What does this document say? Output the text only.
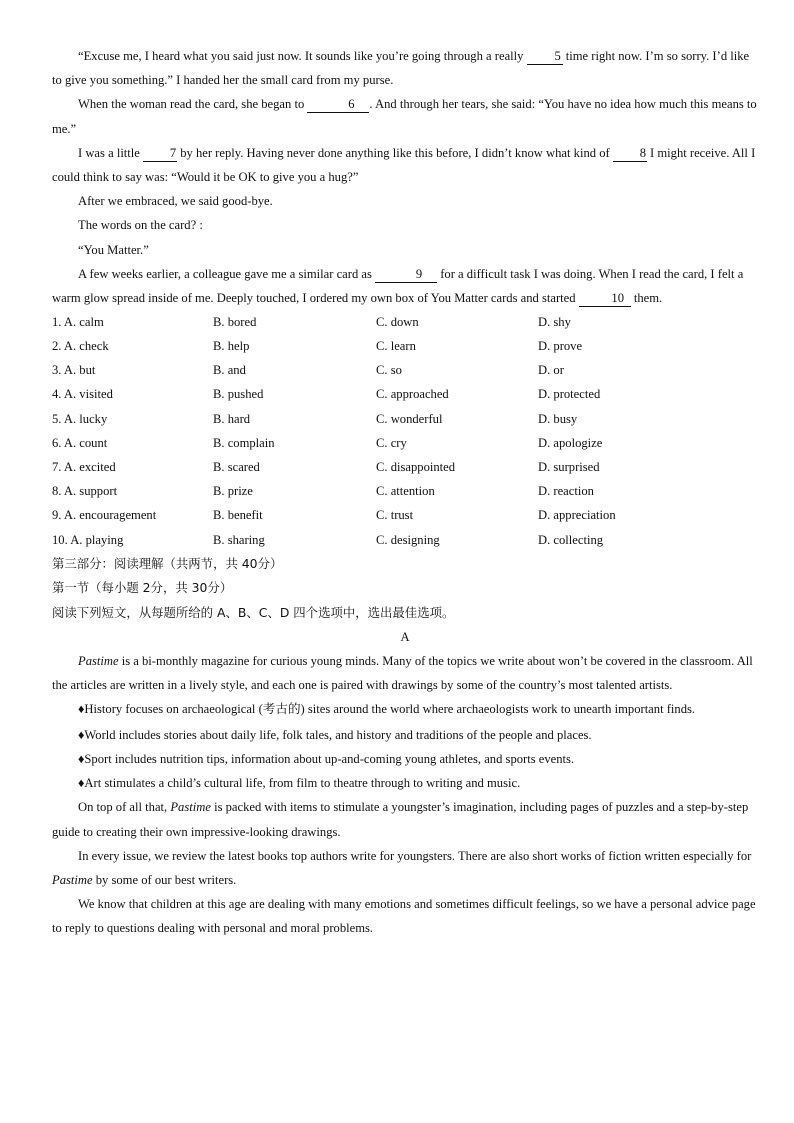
“Excuse me, I heard what you said just now. It sounds like you’re going through a really 5 time right now. I’m so sorry. I’d like to give you something.” I handed her the small card from my purse.

When the woman read the card, she began to	6 . And through her tears, she said: “You have no idea how much this means to me.”

I was a little 7 by her reply. Having never done anything like this before, I didn’t know what kind of 8 I might receive. All I could think to say was: “Would it be OK to give you a hug?”

After we embraced, we said good-bye.

The words on the card? :

“You Matter.”

A few weeks earlier, a colleague gave me a similar card as	9 for a difficult task I was doing. When I read the card, I felt a warm glow spread inside of me. Deeply touched, I ordered my own box of You Matter cards and started	10 them.

1. A. calm	B. bored	C. down	D. shy
2. A. check	B. help	C. learn	D. prove
3. A. but	B. and	C. so	D. or
4. A. visited	B. pushed	C. approached	D. protected
5. A. lucky	B. hard	C. wonderful	D. busy
6. A. count	B. complain	C. cry	D. apologize
7. A. excited	B. scared	C. disappointed	D. surprised
8. A. support	B. prize	C. attention	D. reaction
9. A. encouragement	B. benefit	C. trust	D. appreciation
10. A. playing	B. sharing	C. designing	D. collecting

第三部分：阅读理解（共两节，共 40分）

第一节（每小题 2分，共 30分）

阅读下列短文，从每题所给的 A、B、C、D 四个选项中，选出最佳选项。

A

Pastime is a bi-monthly magazine for curious young minds. Many of the topics we write about won’t be covered in the classroom. All the articles are written in a lively style, and each one is paired with drawings by some of the country’s most talented artists.

♦History focuses on archaeological (考古的) sites around the world where archaeologists work to unearth important finds.

♦World includes stories about daily life, folk tales, and history and traditions of the people and places.

♦Sport includes nutrition tips, information about up-and-coming young athletes, and sports events.

♦Art stimulates a child’s cultural life, from film to theatre through to writing and music.

On top of all that, Pastime is packed with items to stimulate a youngster’s imagination, including pages of puzzles and a step-by-step guide to creating their own impressive-looking drawings.

In every issue, we review the latest books top authors write for youngsters. There are also short works of fiction written especially for Pastime by some of our best writers.

We know that children at this age are dealing with many emotions and sometimes difficult feelings, so we have a personal advice page to reply to questions dealing with personal and moral problems.
